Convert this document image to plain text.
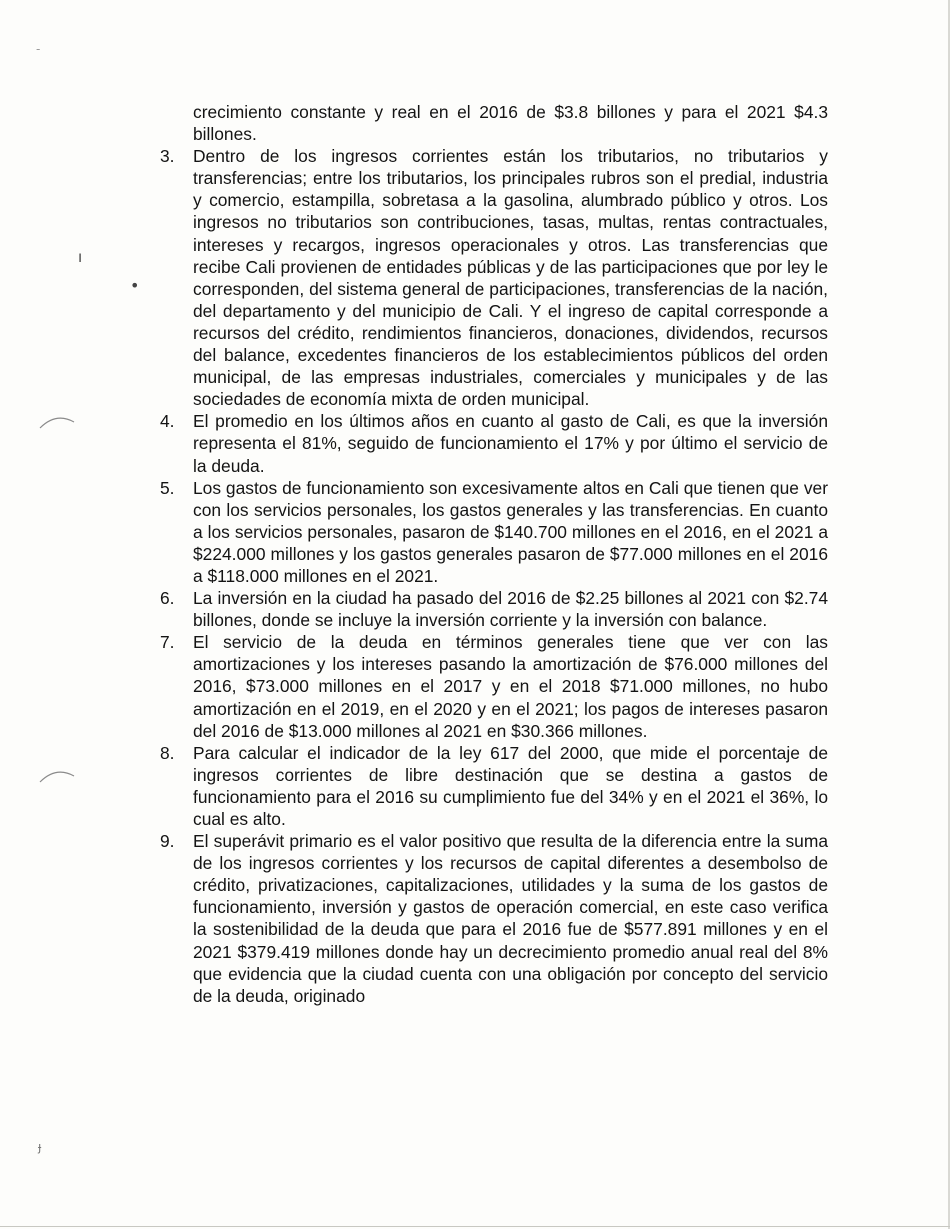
-
ı
•
ɟ

crecimiento constante y real en el 2016 de $3.8 billones y para el 2021 $4.3 billones.

3.	Dentro de los ingresos corrientes están los tributarios, no tributarios y transferencias; entre los tributarios, los principales rubros son el predial, industria y comercio, estampilla, sobretasa a la gasolina, alumbrado público y otros. Los ingresos no tributarios son contribuciones, tasas, multas, rentas contractuales, intereses y recargos, ingresos operacionales y otros. Las transferencias que recibe Cali provienen de entidades públicas y de las participaciones que por ley le corresponden, del sistema general de participaciones, transferencias de la nación, del departamento y del municipio de Cali. Y el ingreso de capital corresponde a recursos del crédito, rendimientos financieros, donaciones, dividendos, recursos del balance, excedentes financieros de los establecimientos públicos del orden municipal, de las empresas industriales, comerciales y municipales y de las sociedades de economía mixta de orden municipal.
4.	El promedio en los últimos años en cuanto al gasto de Cali, es que la inversión representa el 81%, seguido de funcionamiento el 17% y por último el servicio de la deuda.
5.	Los gastos de funcionamiento son excesivamente altos en Cali que tienen que ver con los servicios personales, los gastos generales y las transferencias. En cuanto a los servicios personales, pasaron de $140.700 millones en el 2016, en el 2021 a $224.000 millones y los gastos generales pasaron de $77.000 millones en el 2016 a $118.000 millones en el 2021.
6.	La inversión en la ciudad ha pasado del 2016 de $2.25 billones al 2021 con $2.74 billones, donde se incluye la inversión corriente y la inversión con balance.
7.	El servicio de la deuda en términos generales tiene que ver con las amortizaciones y los intereses pasando la amortización de $76.000 millones del 2016, $73.000 millones en el 2017 y en el 2018 $71.000 millones, no hubo amortización en el 2019, en el 2020 y en el 2021; los pagos de intereses pasaron del 2016 de $13.000 millones al 2021 en $30.366 millones.
8.	Para calcular el indicador de la ley 617 del 2000, que mide el porcentaje de ingresos corrientes de libre destinación que se destina a gastos de funcionamiento para el 2016 su cumplimiento fue del 34% y en el 2021 el 36%, lo cual es alto.
9.	El superávit primario es el valor positivo que resulta de la diferencia entre la suma de los ingresos corrientes y los recursos de capital diferentes a desembolso de crédito, privatizaciones, capitalizaciones, utilidades y la suma de los gastos de funcionamiento, inversión y gastos de operación comercial, en este caso verifica la sostenibilidad de la deuda que para el 2016 fue de $577.891 millones y en el 2021 $379.419 millones donde hay un decrecimiento promedio anual real del 8% que evidencia que la ciudad cuenta con una obligación por concepto del servicio de la deuda, originado
